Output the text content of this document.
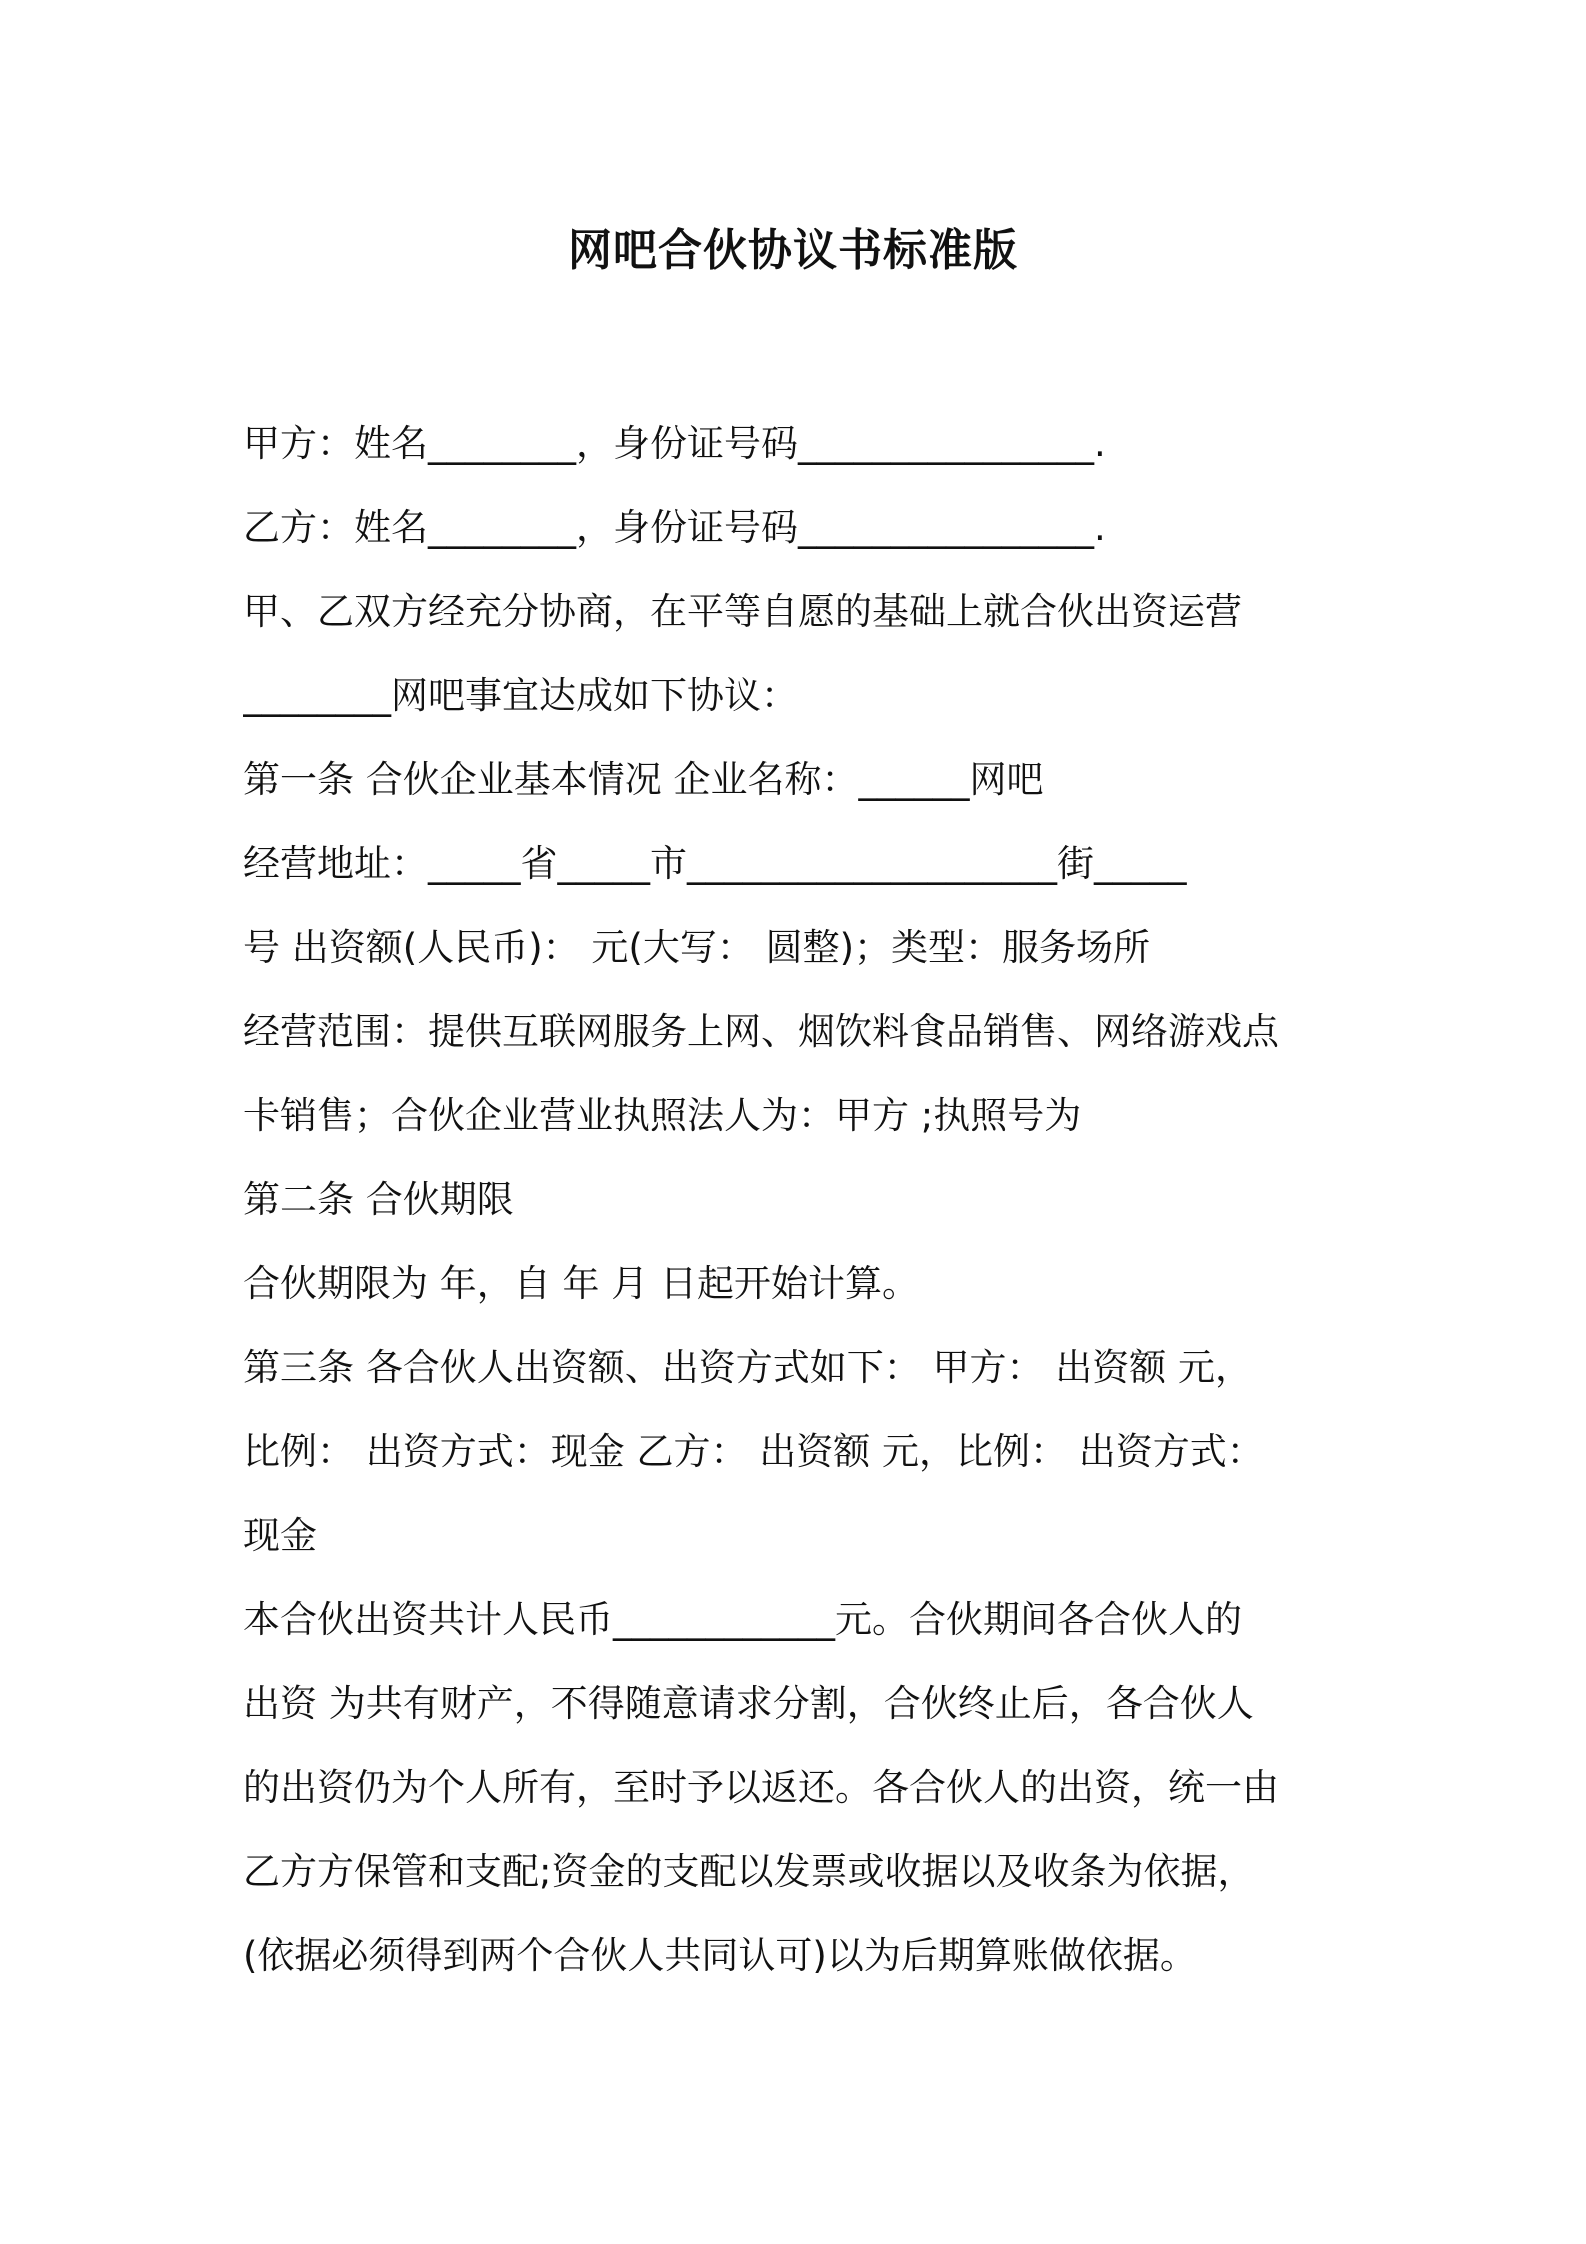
网吧合伙协议书标准版
甲方：姓名________，身份证号码________________.
乙方：姓名________，身份证号码________________.
甲、乙双方经充分协商，在平等自愿的基础上就合伙出资运营
________网吧事宜达成如下协议：
第一条 合伙企业基本情况 企业名称：______网吧
经营地址：_____省_____市____________________街_____
号 出资额(人民币)： 元(大写： 圆整)；类型：服务场所
经营范围：提供互联网服务上网、烟饮料食品销售、网络游戏点
卡销售；合伙企业营业执照法人为：甲方 ;执照号为
第二条 合伙期限
合伙期限为 年，自 年 月 日起开始计算。
第三条 各合伙人出资额、出资方式如下： 甲方： 出资额 元，
比例： 出资方式：现金 乙方： 出资额 元，比例： 出资方式：
现金
本合伙出资共计人民币____________元。合伙期间各合伙人的
出资 为共有财产，不得随意请求分割，合伙终止后，各合伙人
的出资仍为个人所有，至时予以返还。各合伙人的出资，统一由
乙方方保管和支配;资金的支配以发票或收据以及收条为依据，
(依据必须得到两个合伙人共同认可)以为后期算账做依据。
